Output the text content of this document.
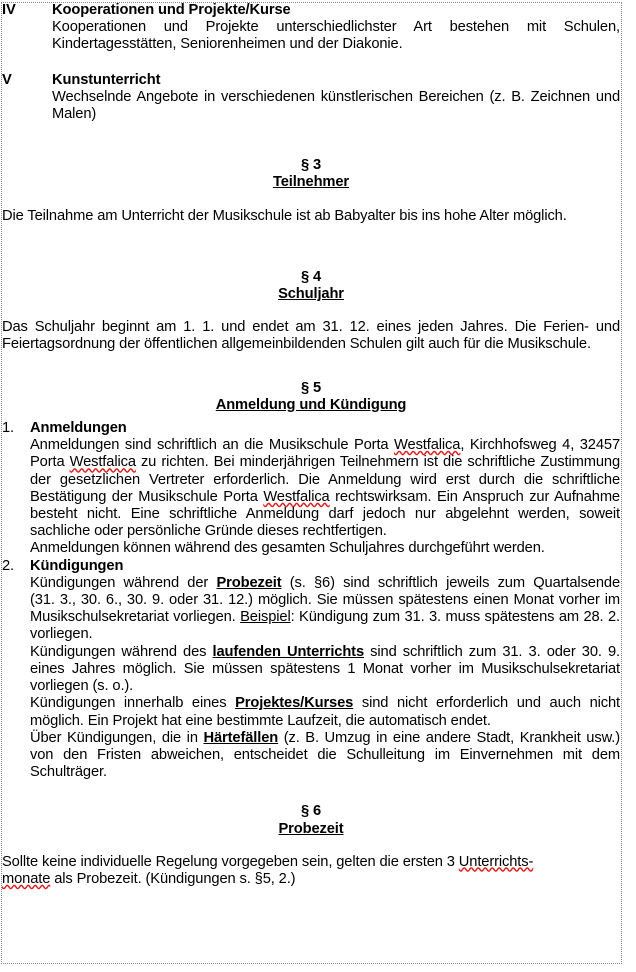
IV	Kooperationen und Projekte/Kurse

Kooperationen und Projekte unterschiedlichster Art bestehen mit Schulen, Kindertagesstätten, Seniorenheimen und der Diakonie.

V	Kunstunterricht

Wechselnde Angebote in verschiedenen künstlerischen Bereichen (z. B. Zeichnen und Malen)

§ 3
Teilnehmer

Die Teilnahme am Unterricht der Musikschule ist ab Babyalter bis ins hohe Alter möglich.

§ 4
Schuljahr

Das Schuljahr beginnt am 1. 1. und endet am 31. 12. eines jeden Jahres. Die Ferien- und Feiertagsordnung der öffentlichen allgemeinbildenden Schulen gilt auch für die Musikschule.

§ 5
Anmeldung und Kündigung
1.	Anmeldungen

Anmeldungen sind schriftlich an die Musikschule Porta Westfalica, Kirchhofsweg 4, 32457 Porta Westfalica zu richten. Bei minderjährigen Teilnehmern ist die schriftliche Zustimmung der gesetzlichen Vertreter erforderlich. Die Anmeldung wird erst durch die schriftliche Bestätigung der Musikschule Porta Westfalica rechtswirksam. Ein Anspruch zur Aufnahme besteht nicht. Eine schriftliche Anmeldung darf jedoch nur abgelehnt werden, soweit sachliche oder persönliche Gründe dieses rechtfertigen.

Anmeldungen können während des gesamten Schuljahres durchgeführt werden.

2.	Kündigungen

Kündigungen während der Probezeit (s. §6) sind schriftlich jeweils zum Quartalsende (31. 3., 30. 6., 30. 9. oder 31. 12.) möglich. Sie müssen spätestens einen Monat vorher im Musikschulsekretariat vorliegen. Beispiel: Kündigung zum 31. 3. muss spätestens am 28. 2. vorliegen.

Kündigungen während des laufenden Unterrichts sind schriftlich zum 31. 3. oder 30. 9. eines Jahres möglich. Sie müssen spätestens 1 Monat vorher im Musikschulsekretariat vorliegen (s. o.).

Kündigungen innerhalb eines Projektes/Kurses sind nicht erforderlich und auch nicht möglich. Ein Projekt hat eine bestimmte Laufzeit, die automatisch endet.

Über Kündigungen, die in Härtefällen (z. B. Umzug in eine andere Stadt, Krankheit usw.) von den Fristen abweichen, entscheidet die Schulleitung im Einvernehmen mit dem Schulträger.

§ 6
Probezeit

Sollte keine individuelle Regelung vorgegeben sein, gelten die ersten 3 Unterrichts-
monate als Probezeit. (Kündigungen s. §5, 2.)
